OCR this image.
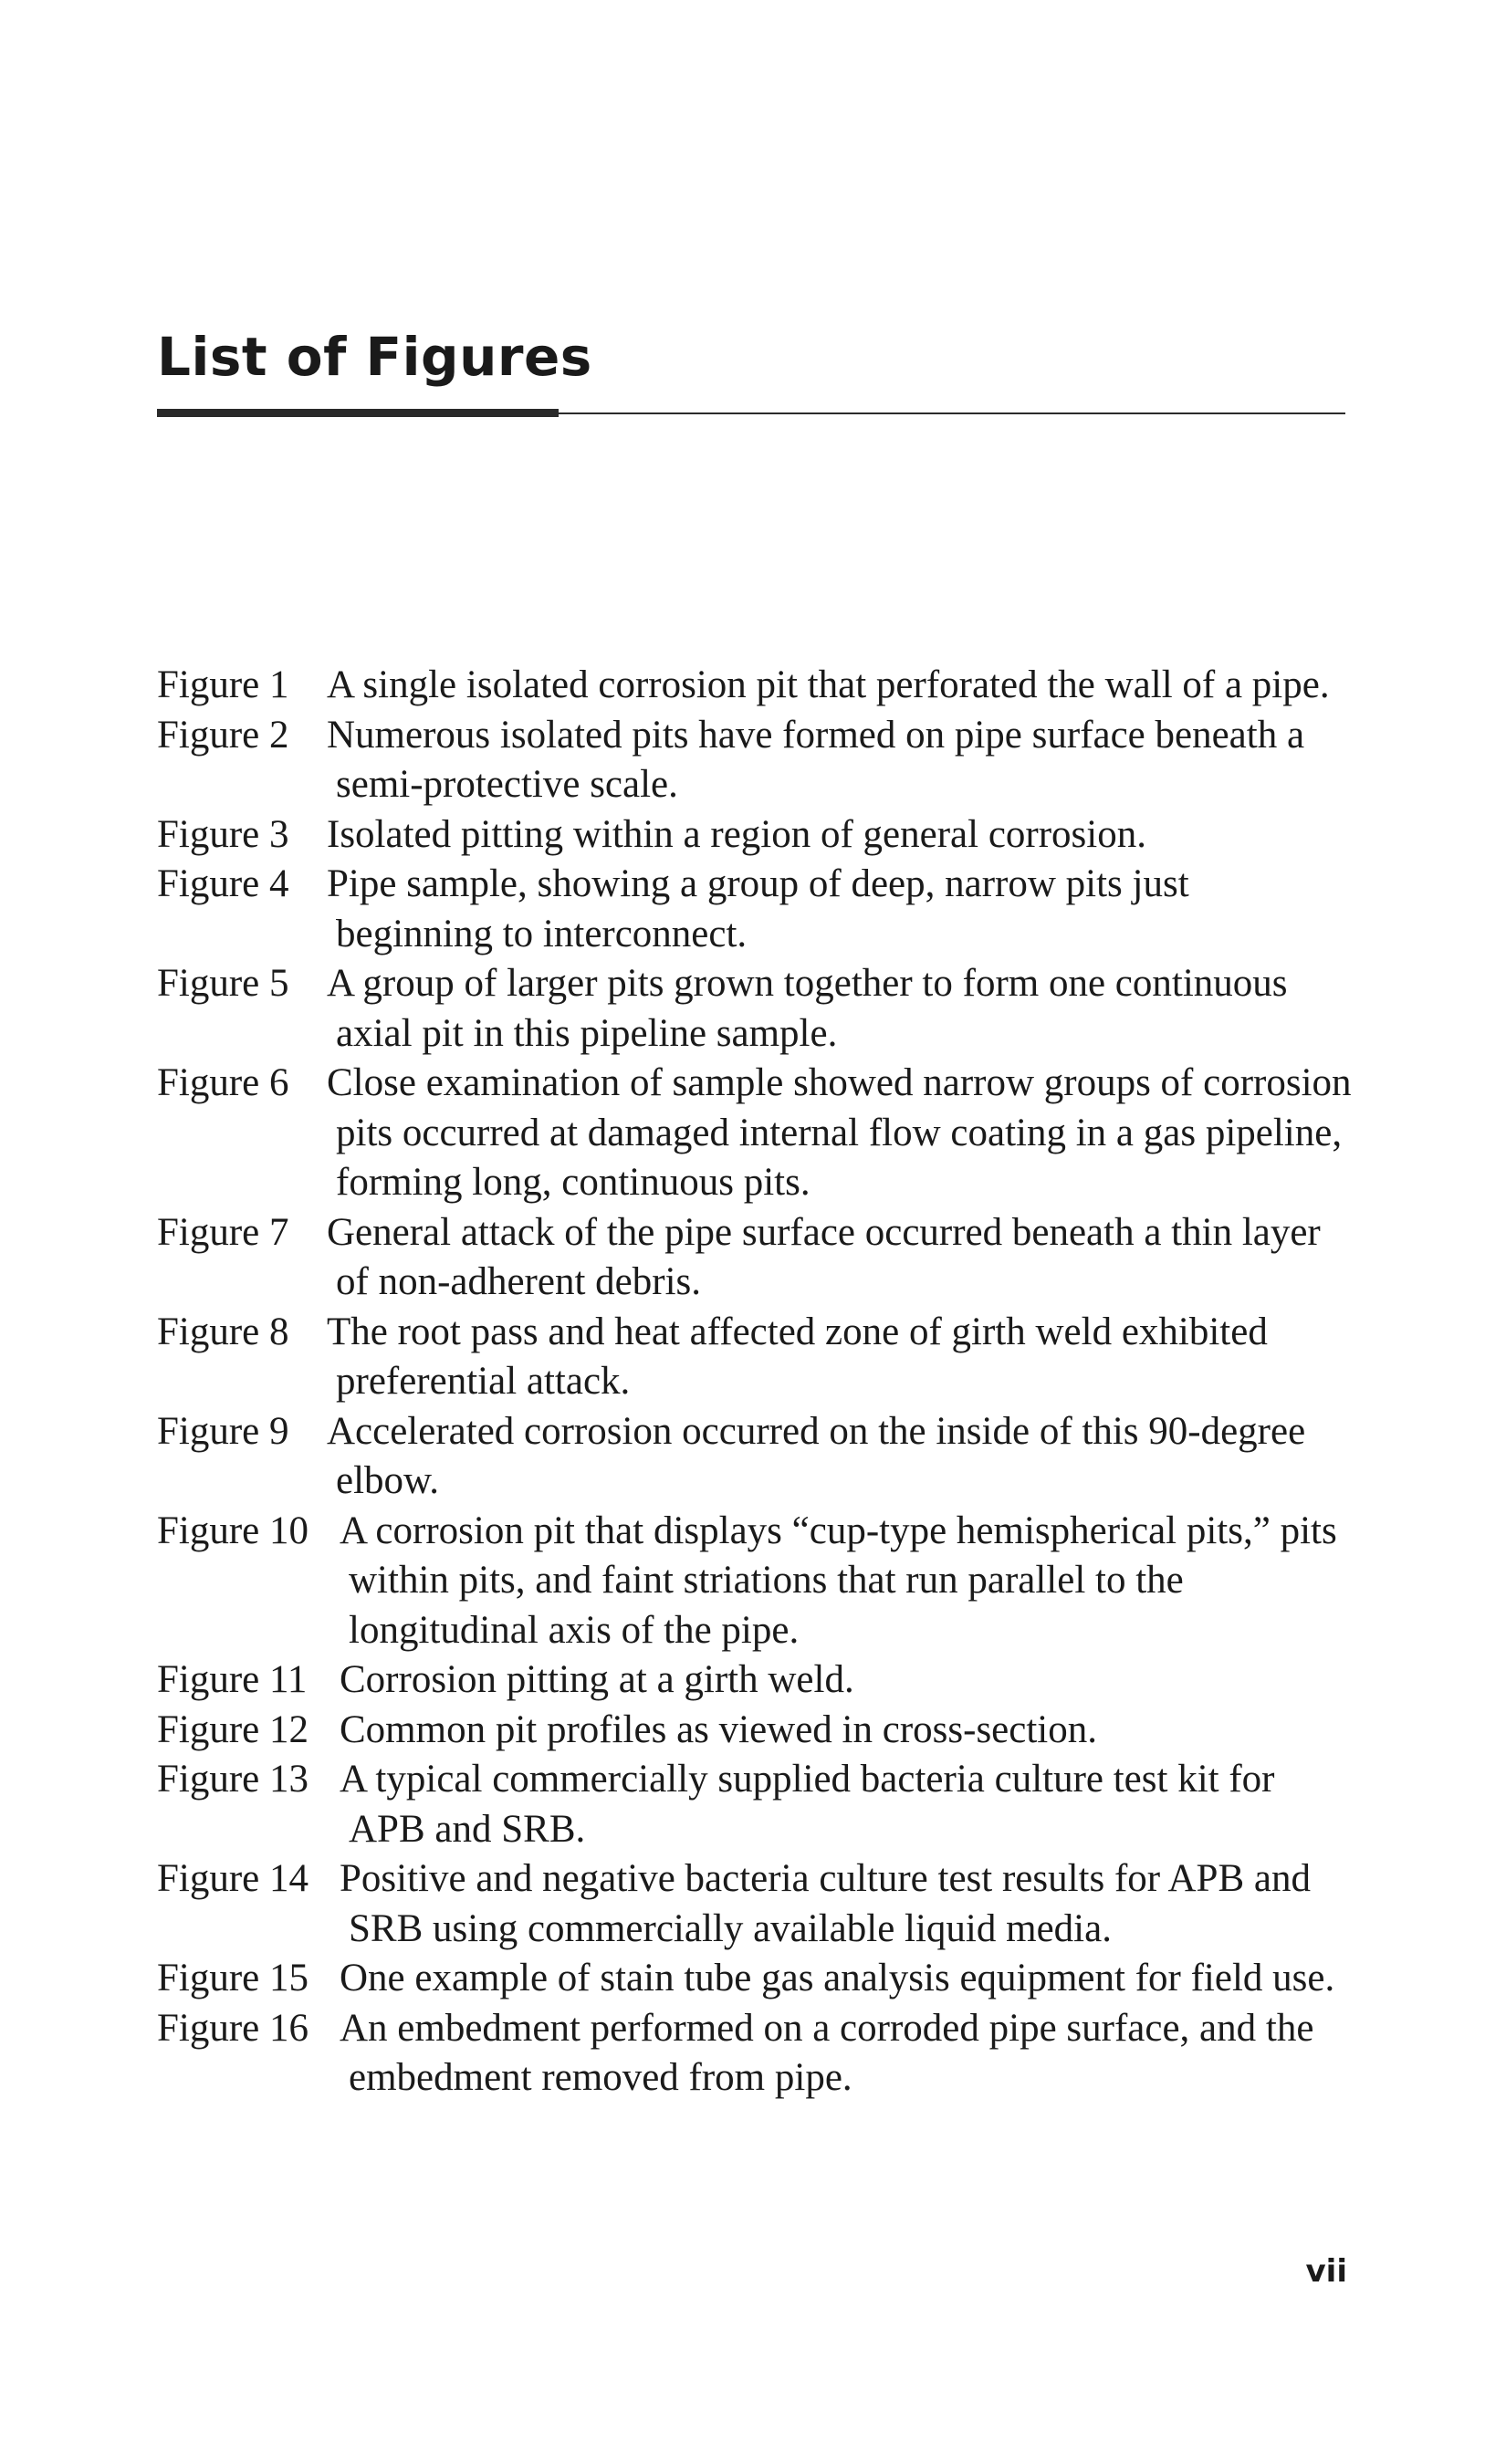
List of Figures
Figure 1 A single isolated corrosion pit that perforated the wall of a pipe.
Figure 2 Numerous isolated pits have formed on pipe surface beneath a semi-protective scale.
Figure 3 Isolated pitting within a region of general corrosion.
Figure 4 Pipe sample, showing a group of deep, narrow pits just beginning to interconnect.
Figure 5 A group of larger pits grown together to form one continuous axial pit in this pipeline sample.
Figure 6 Close examination of sample showed narrow groups of corrosion pits occurred at damaged internal flow coating in a gas pipeline, forming long, continuous pits.
Figure 7 General attack of the pipe surface occurred beneath a thin layer of non-adherent debris.
Figure 8 The root pass and heat affected zone of girth weld exhibited preferential attack.
Figure 9 Accelerated corrosion occurred on the inside of this 90-degree elbow.
Figure 10 A corrosion pit that displays “cup-type hemispherical pits,” pits within pits, and faint striations that run parallel to the longitudinal axis of the pipe.
Figure 11 Corrosion pitting at a girth weld.
Figure 12 Common pit profiles as viewed in cross-section.
Figure 13 A typical commercially supplied bacteria culture test kit for APB and SRB.
Figure 14 Positive and negative bacteria culture test results for APB and SRB using commercially available liquid media.
Figure 15 One example of stain tube gas analysis equipment for field use.
Figure 16 An embedment performed on a corroded pipe surface, and the embedment removed from pipe.

vii
